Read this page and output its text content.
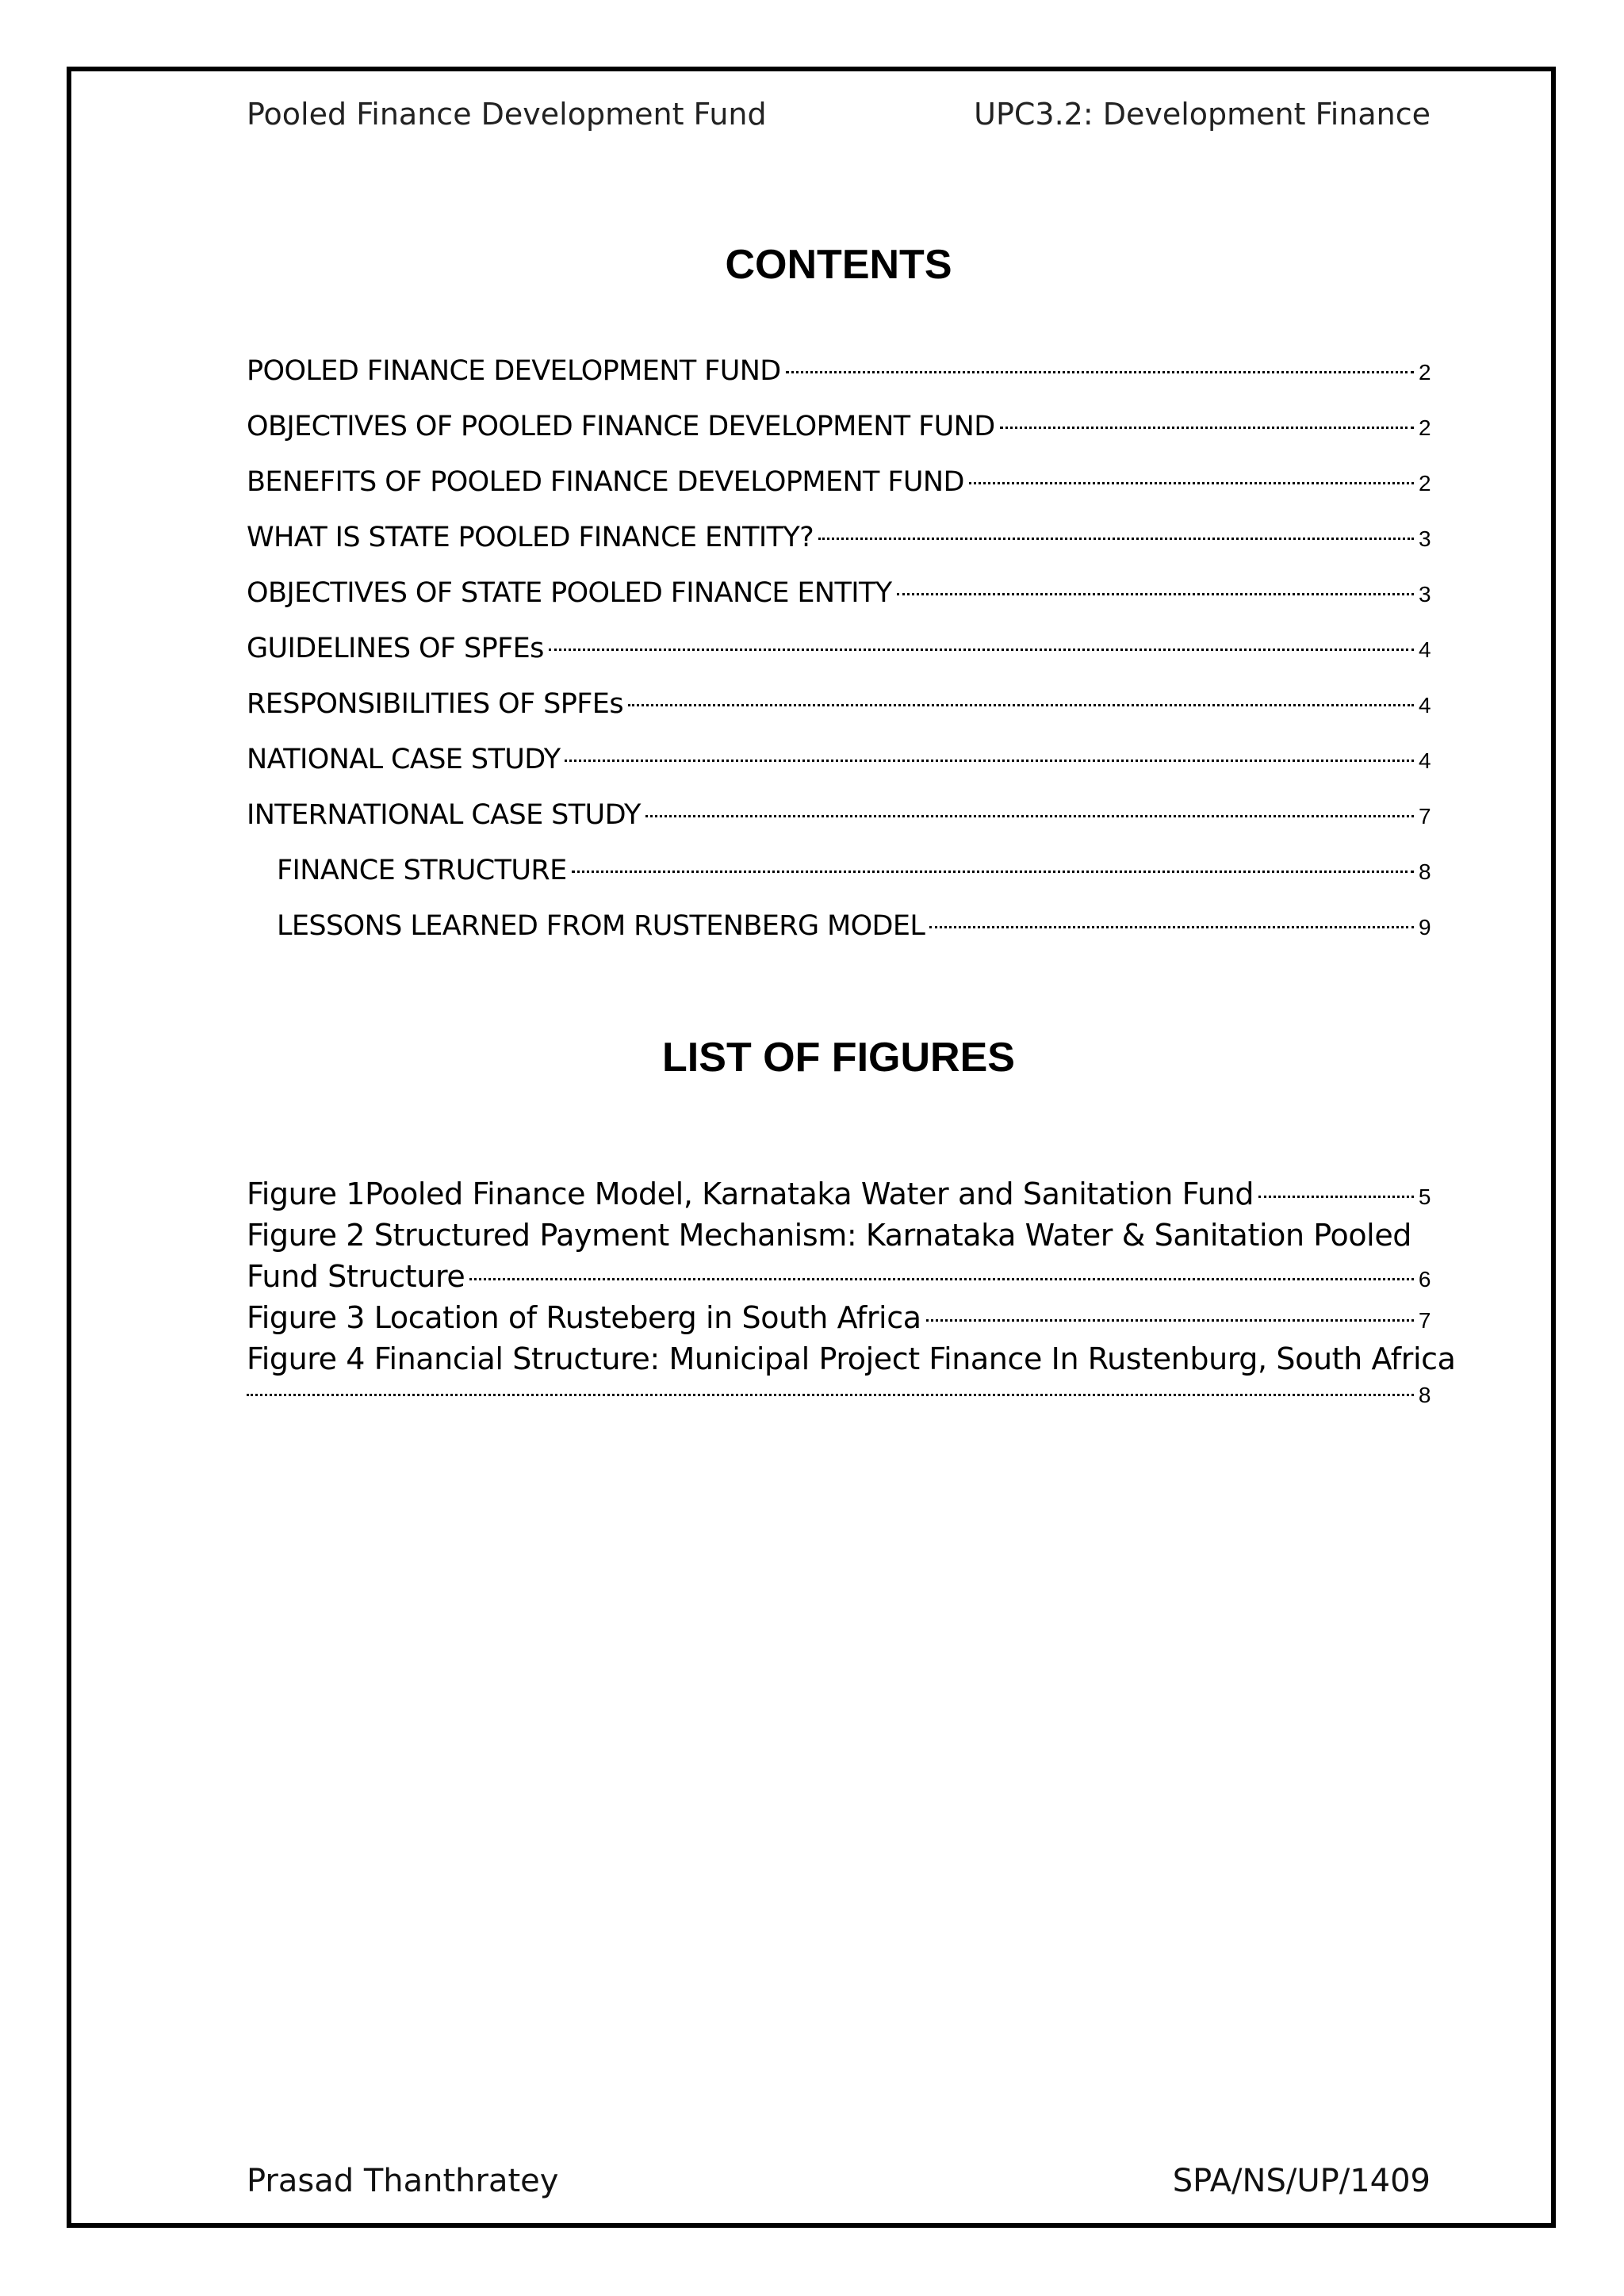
Pooled Finance Development Fund	UPC3.2: Development Finance
CONTENTS
POOLED FINANCE DEVELOPMENT FUND	2
OBJECTIVES OF POOLED FINANCE DEVELOPMENT FUND	2
BENEFITS OF POOLED FINANCE DEVELOPMENT FUND	2
WHAT IS STATE POOLED FINANCE ENTITY?	3
OBJECTIVES OF STATE POOLED FINANCE ENTITY	3
GUIDELINES OF SPFEs	4
RESPONSIBILITIES OF SPFEs	4
NATIONAL CASE STUDY	4
INTERNATIONAL CASE STUDY	7
FINANCE STRUCTURE	8
LESSONS LEARNED FROM RUSTENBERG MODEL	9
LIST OF FIGURES
Figure 1Pooled Finance Model, Karnataka Water and Sanitation Fund	5
Figure 2 Structured Payment Mechanism: Karnataka Water & Sanitation Pooled
Fund Structure	6
Figure 3 Location of Rusteberg in South Africa	7
Figure 4 Financial Structure: Municipal Project Finance In Rustenburg, South Africa
8
Prasad Thanthratey	SPA/NS/UP/1409
